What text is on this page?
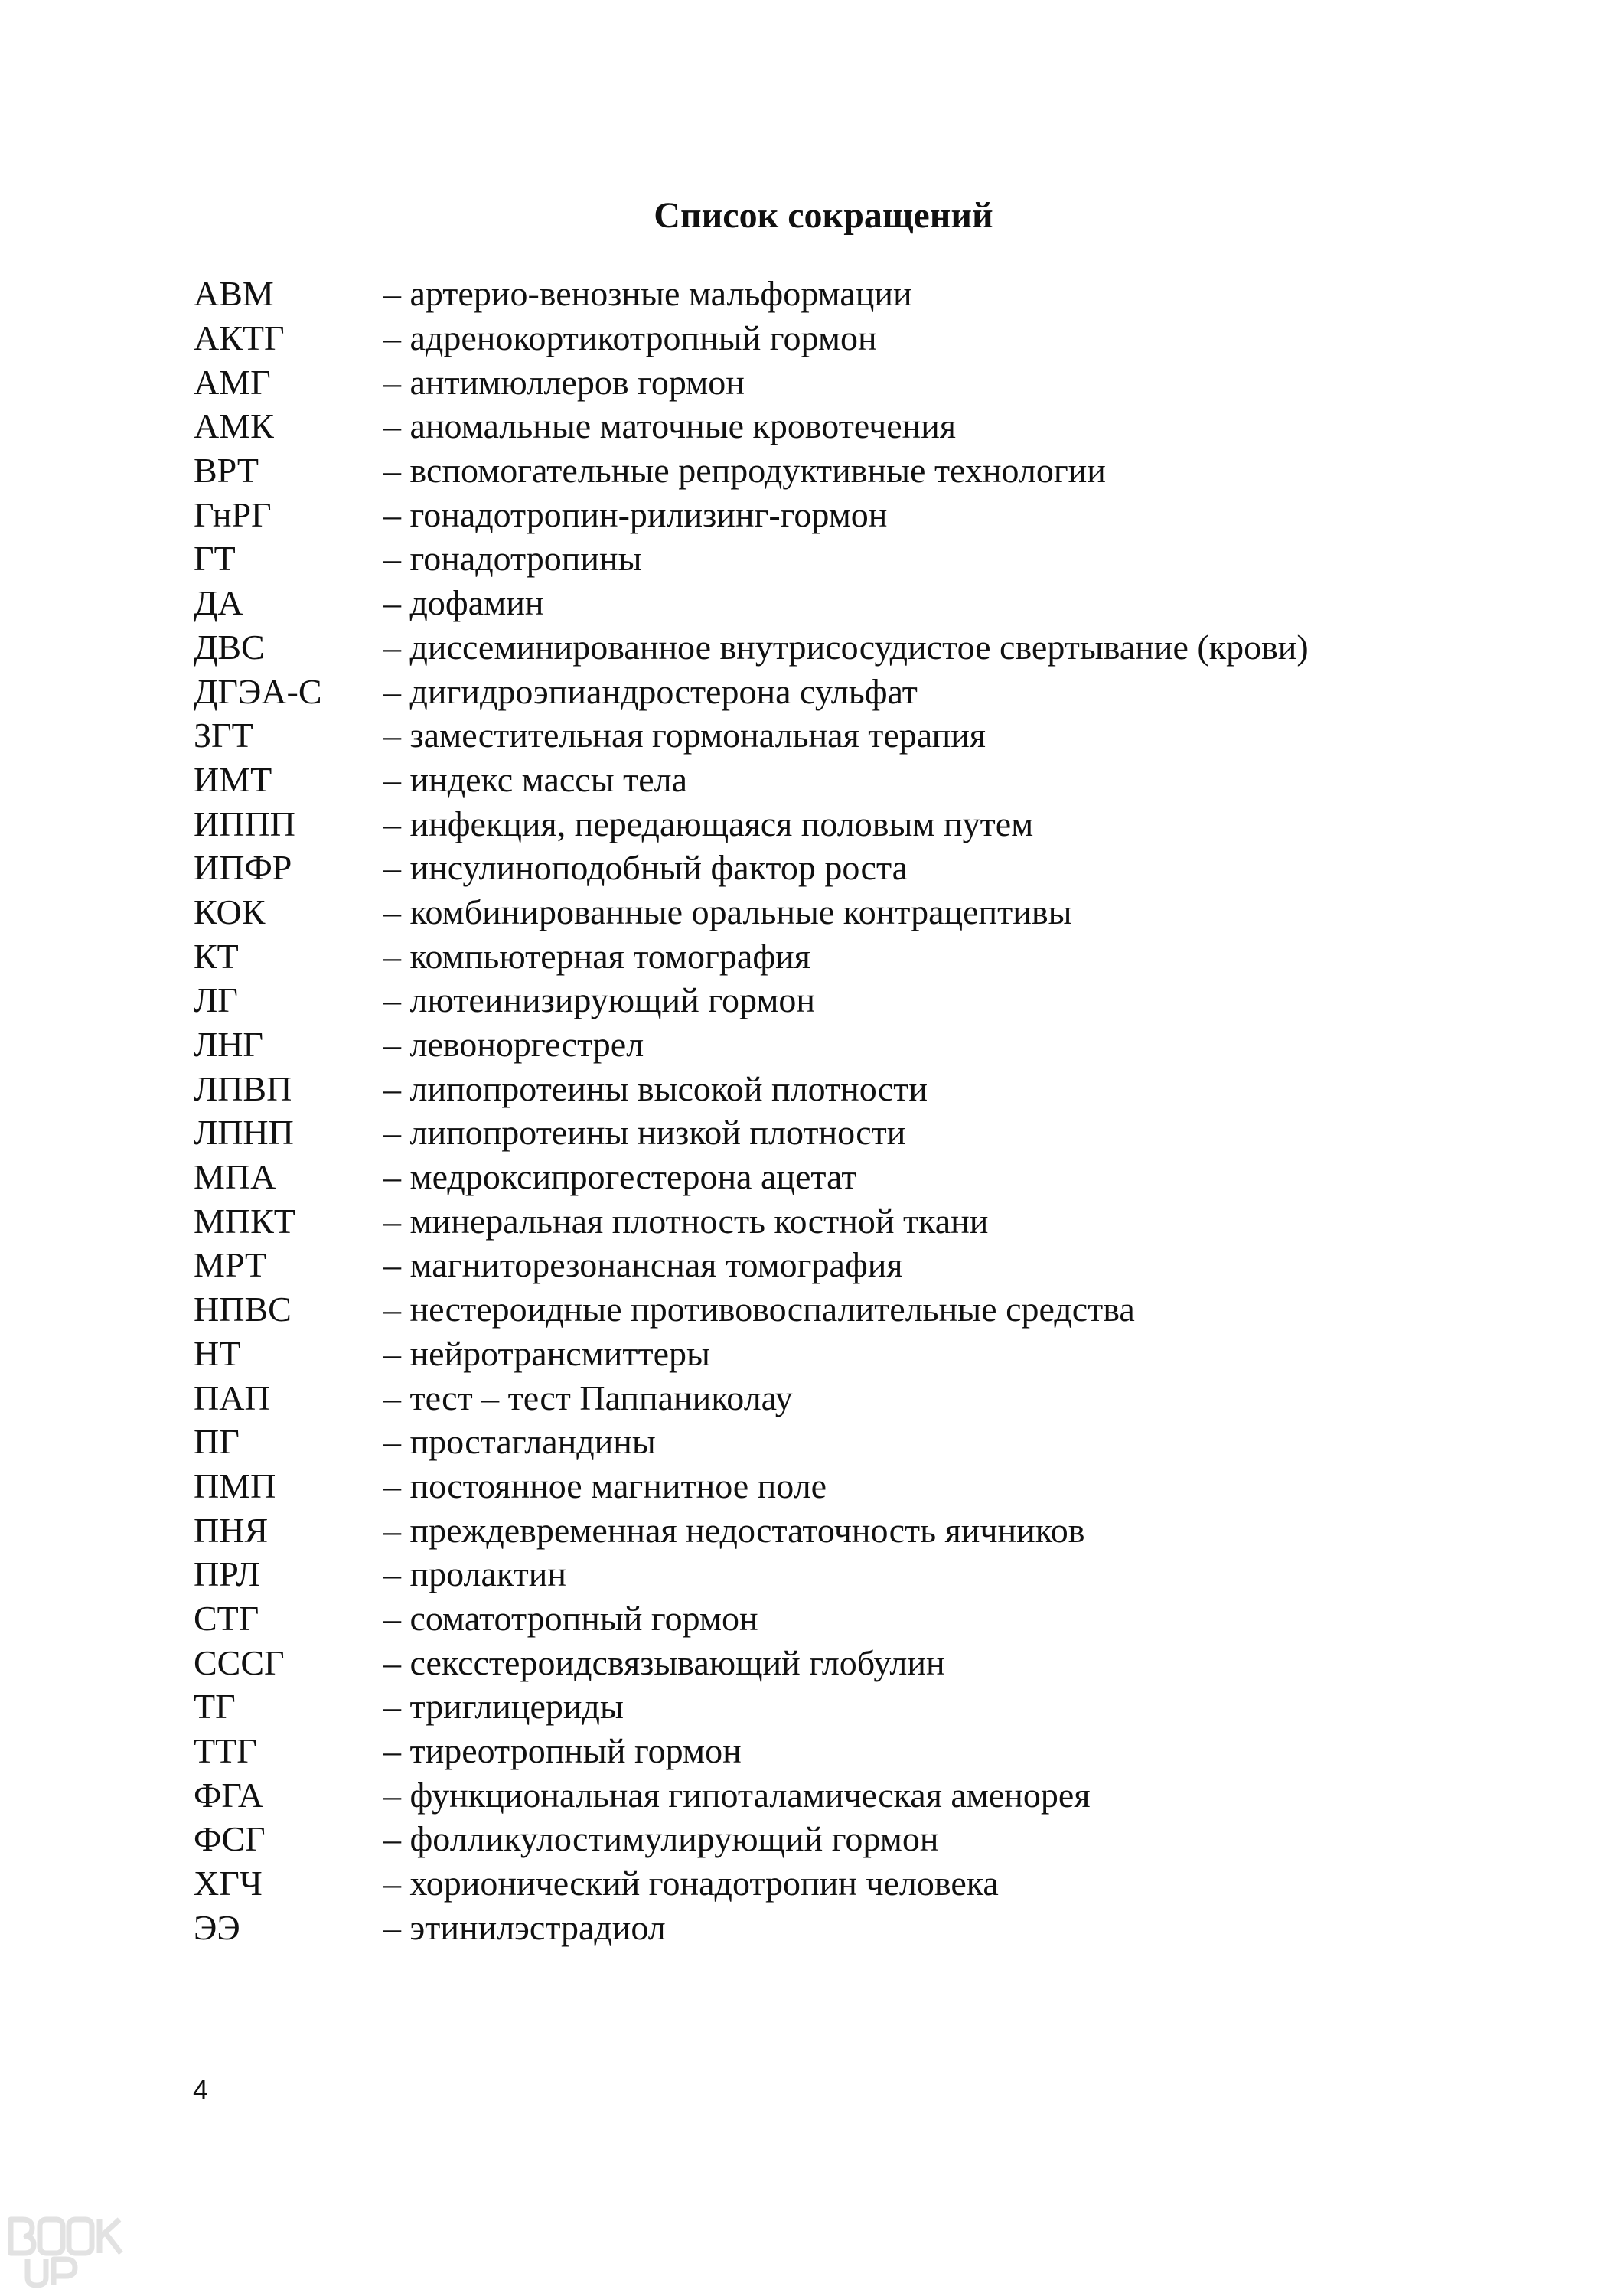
Список сокращений
АВМ	– артерио-венозные мальформации
АКТГ	– адренокортикотропный гормон
АМГ	– антимюллеров гормон
АМК	– аномальные маточные кровотечения
ВРТ	– вспомогательные репродуктивные технологии
ГнРГ	– гонадотропин-рилизинг-гормон
ГТ	– гонадотропины
ДА	– дофамин
ДВС	– диссеминированное внутрисосудистое свертывание (крови)
ДГЭА-С	– дигидроэпиандростерона сульфат
ЗГТ	– заместительная гормональная терапия
ИМТ	– индекс массы тела
ИППП	– инфекция, передающаяся половым путем
ИПФР	– инсулиноподобный фактор роста
КОК	– комбинированные оральные контрацептивы
КТ	– компьютерная томография
ЛГ	– лютеинизирующий гормон
ЛНГ	– левоноргестрел
ЛПВП	– липопротеины высокой плотности
ЛПНП	– липопротеины низкой плотности
МПА	– медроксипрогестерона ацетат
МПКТ	– минеральная плотность костной ткани
МРТ	– магниторезонансная томография
НПВС	– нестероидные противовоспалительные средства
НТ	– нейротрансмиттеры
ПАП	– тест – тест Паппаниколау
ПГ	– простагландины
ПМП	– постоянное магнитное поле
ПНЯ	– преждевременная недостаточность яичников
ПРЛ	– пролактин
СТГ	– соматотропный гормон
СССГ	– сексстероидсвязывающий глобулин
ТГ	– триглицериды
ТТГ	– тиреотропный гормон
ФГА	– функциональная гипоталамическая аменорея
ФСГ	– фолликулостимулирующий гормон
ХГЧ	– хорионический гонадотропин человека
ЭЭ	– этинилэстрадиол
4
